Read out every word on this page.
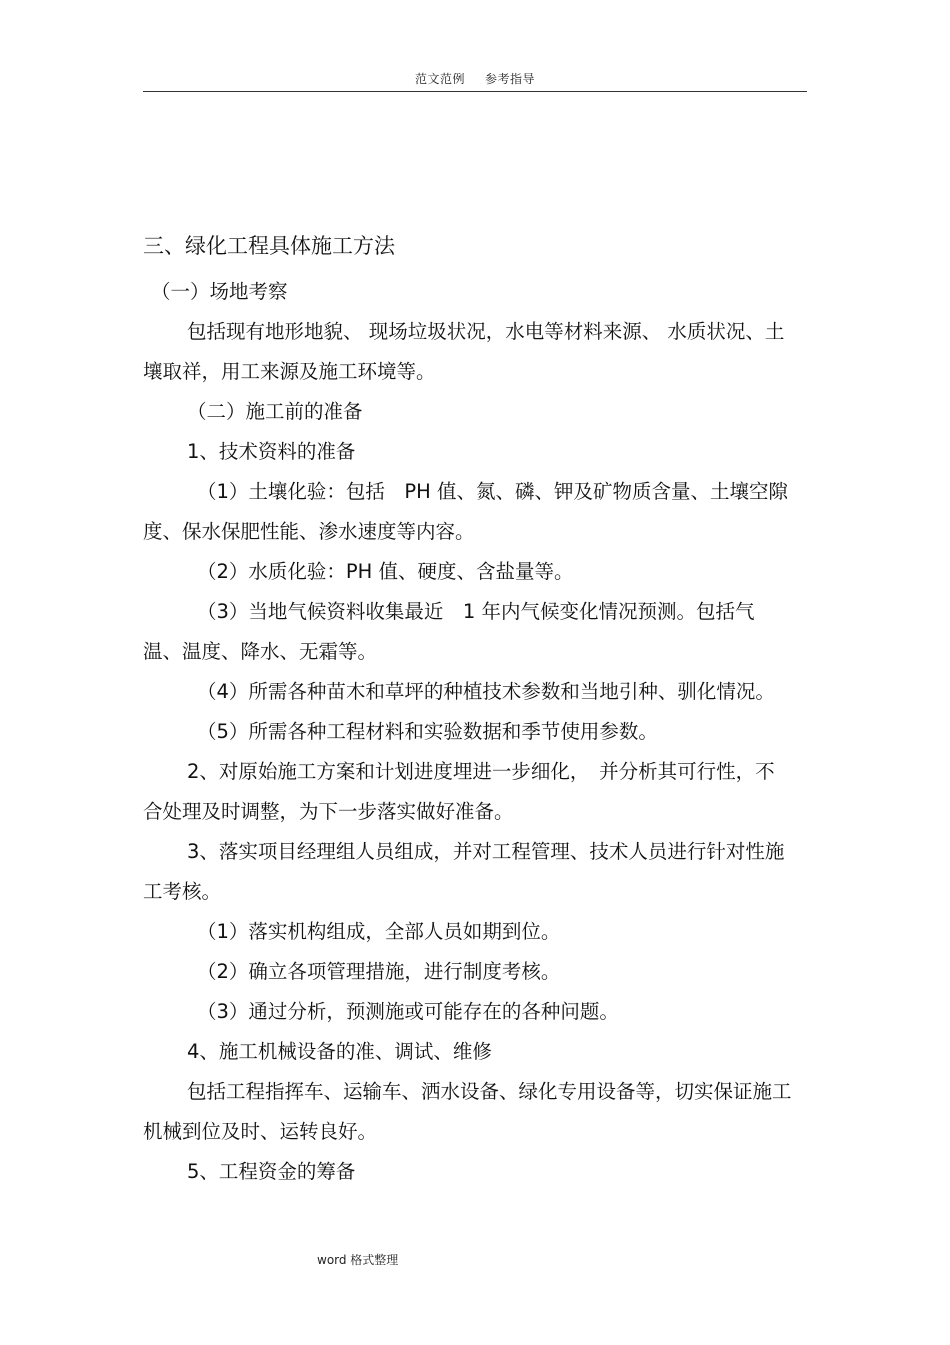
范文范例 参考指导

三、绿化工程具体施工方法

（一）场地考察

包括现有地形地貌、 现场垃圾状况，水电等材料来源、 水质状况、土壤取祥，用工来源及施工环境等。

（二）施工前的准备

1、技术资料的准备

（1）土壤化验：包括　PH 值、氮、磷、钾及矿物质含量、土壤空隙度、保水保肥性能、渗水速度等内容。

（2）水质化验：PH 值、硬度、含盐量等。

（3）当地气候资料收集最近　1 年内气候变化情况预测。包括气温、温度、降水、无霜等。

（4）所需各种苗木和草坪的种植技术参数和当地引种、驯化情况。

（5）所需各种工程材料和实验数据和季节使用参数。

2、对原始施工方案和计划进度埋进一步细化，　并分析其可行性，不合处理及时调整，为下一步落实做好准备。

3、落实项目经理组人员组成，并对工程管理、技术人员进行针对性施工考核。

（1）落实机构组成，全部人员如期到位。

（2）确立各项管理措施，进行制度考核。

（3）通过分析，预测施或可能存在的各种问题。

4、施工机械设备的准、调试、维修

包括工程指挥车、运输车、洒水设备、绿化专用设备等，切实保证施工机械到位及时、运转良好。

5、工程资金的筹备

word 格式整理
